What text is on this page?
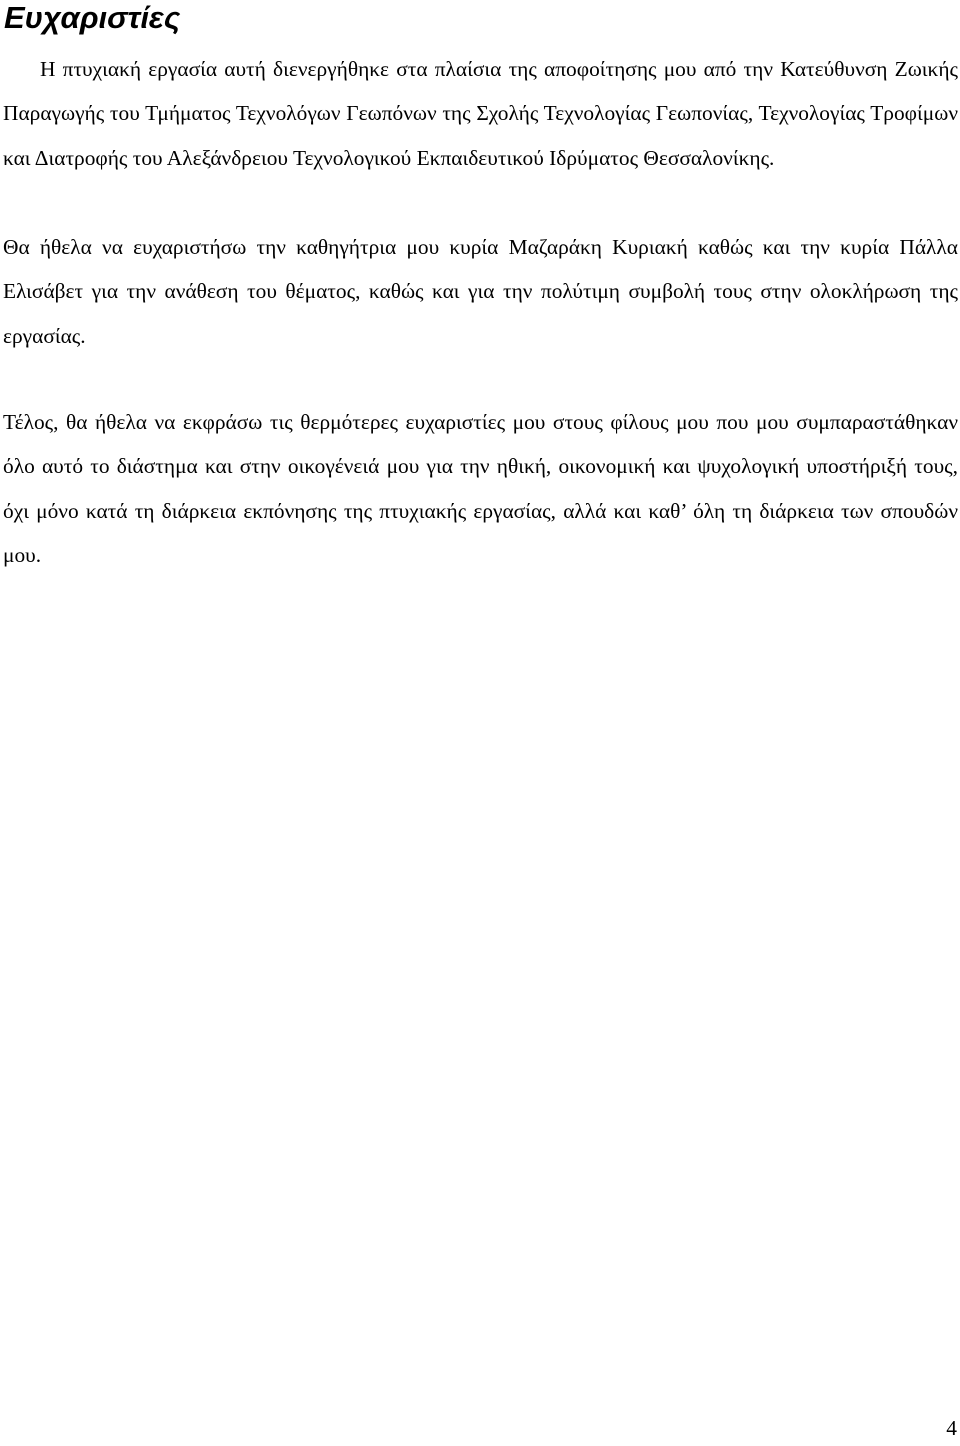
Ευχαριστίες

Η πτυχιακή εργασία αυτή διενεργήθηκε στα πλαίσια της αποφοίτησης μου από την Κατεύθυνση Ζωικής Παραγωγής του Τμήματος Τεχνολόγων Γεωπόνων της Σχολής Τεχνολογίας Γεωπονίας, Τεχνολογίας Τροφίμων και Διατροφής του Αλεξάνδρειου Τεχνολογικού Εκπαιδευτικού Ιδρύματος Θεσσαλονίκης.

Θα ήθελα να ευχαριστήσω την καθηγήτρια μου κυρία Μαζαράκη Κυριακή καθώς και την κυρία Πάλλα Ελισάβετ για την ανάθεση του θέματος, καθώς και για την πολύτιμη συμβολή τους στην ολοκλήρωση της εργασίας.

Τέλος, θα ήθελα να εκφράσω τις θερμότερες ευχαριστίες μου στους φίλους μου που μου συμπαραστάθηκαν όλο αυτό το διάστημα και στην οικογένειά μου για την ηθική, οικονομική και ψυχολογική υποστήριξή τους, όχι μόνο κατά τη διάρκεια εκπόνησης της πτυχιακής εργασίας, αλλά και καθ’ όλη τη διάρκεια των σπουδών μου.

4
